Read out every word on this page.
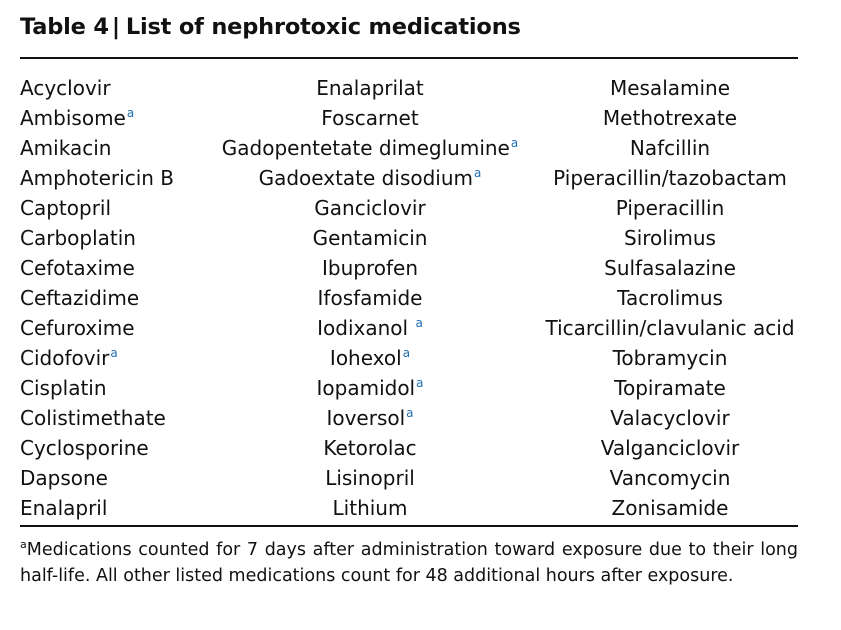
Table 4 | List of nephrotoxic medications
Acyclovir	Enalaprilat	Mesalamine
Ambisome$^a$	Foscarnet	Methotrexate
Amikacin	Gadopentetate dimeglumine$^a$	Nafcillin
Amphotericin B	Gadoextate disodium$^a$	Piperacillin/tazobactam
Captopril	Ganciclovir	Piperacillin
Carboplatin	Gentamicin	Sirolimus
Cefotaxime	Ibuprofen	Sulfasalazine
Ceftazidime	Ifosfamide	Tacrolimus
Cefuroxime	Iodixanol $^a$	Ticarcillin/clavulanic acid
Cidofovir$^a$	Iohexol$^a$	Tobramycin
Cisplatin	Iopamidol$^a$	Topiramate
Colistimethate	Ioversol$^a$	Valacyclovir
Cyclosporine	Ketorolac	Valganciclovir
Dapsone	Lisinopril	Vancomycin
Enalapril	Lithium	Zonisamide
$^a$Medications counted for 7 days after administration toward exposure due to their long half-life. All other listed medications count for 48 additional hours after exposure.
